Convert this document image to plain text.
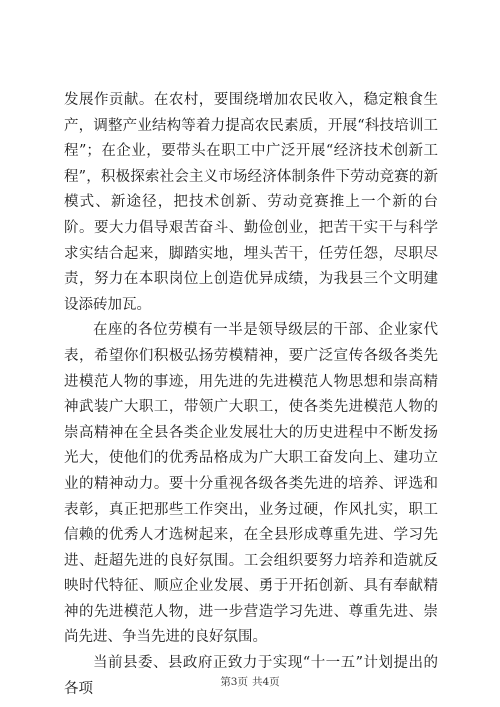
发展作贡献。在农村，要围绕增加农民收入，稳定粮食生产，调整产业结构等着力提高农民素质，开展“科技培训工程”；在企业，要带头在职工中广泛开展“经济技术创新工程”，积极探索社会主义市场经济体制条件下劳动竞赛的新模式、新途径，把技术创新、劳动竞赛推上一个新的台阶。要大力倡导艰苦奋斗、勤俭创业，把苦干实干与科学求实结合起来，脚踏实地，埋头苦干，任劳任怨，尽职尽责，努力在本职岗位上创造优异成绩，为我县三个文明建设添砖加瓦。

在座的各位劳模有一半是领导级层的干部、企业家代表，希望你们积极弘扬劳模精神，要广泛宣传各级各类先进模范人物的事迹，用先进的先进模范人物思想和崇高精神武装广大职工，带领广大职工，使各类先进模范人物的崇高精神在全县各类企业发展壮大的历史进程中不断发扬光大，使他们的优秀品格成为广大职工奋发向上、建功立业的精神动力。要十分重视各级各类先进的培养、评选和表彰，真正把那些工作突出，业务过硬，作风扎实，职工信赖的优秀人才选树起来，在全县形成尊重先进、学习先进、赶超先进的良好氛围。工会组织要努力培养和造就反映时代特征、顺应企业发展、勇于开拓创新、具有奉献精神的先进模范人物，进一步营造学习先进、尊重先进、崇尚先进、争当先进的良好氛围。

当前县委、县政府正致力于实现“十一五”计划提出的各项	第3页 共4页
